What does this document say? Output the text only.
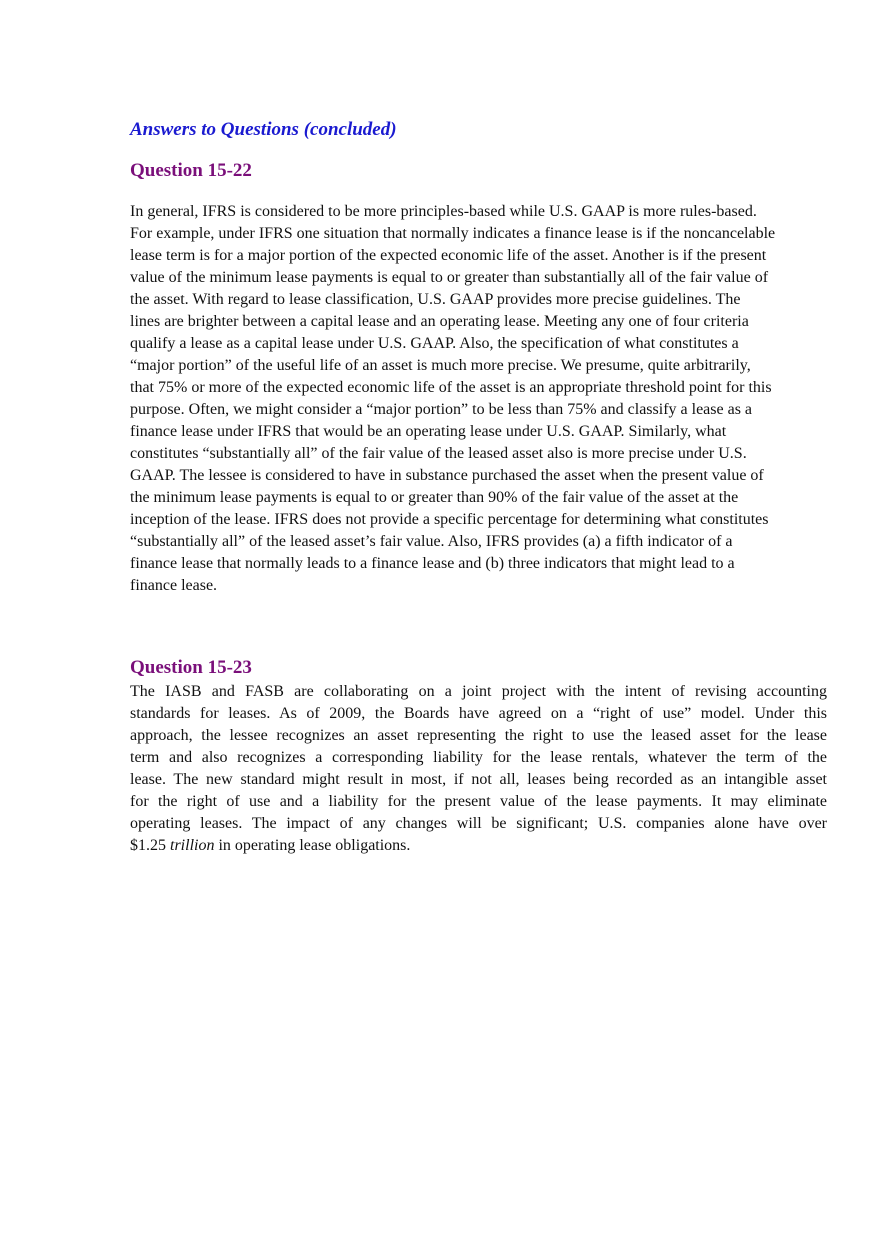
Answers to Questions (concluded)
Question 15-22
In general, IFRS is considered to be more principles-based while U.S. GAAP is more rules-based.
For example, under IFRS one situation that normally indicates a finance lease is if the noncancelable
lease term is for a major portion of the expected economic life of the asset. Another is if the present
value of the minimum lease payments is equal to or greater than substantially all of the fair value of
the asset. With regard to lease classification, U.S. GAAP provides more precise guidelines. The
lines are brighter between a capital lease and an operating lease. Meeting any one of four criteria
qualify a lease as a capital lease under U.S. GAAP. Also, the specification of what constitutes a
“major portion” of the useful life of an asset is much more precise. We presume, quite arbitrarily,
that 75% or more of the expected economic life of the asset is an appropriate threshold point for this
purpose. Often, we might consider a “major portion” to be less than 75% and classify a lease as a
finance lease under IFRS that would be an operating lease under U.S. GAAP. Similarly, what
constitutes “substantially all” of the fair value of the leased asset also is more precise under U.S.
GAAP. The lessee is considered to have in substance purchased the asset when the present value of
the minimum lease payments is equal to or greater than 90% of the fair value of the asset at the
inception of the lease. IFRS does not provide a specific percentage for determining what constitutes
“substantially all” of the leased asset’s fair value. Also, IFRS provides (a) a fifth indicator of a
finance lease that normally leads to a finance lease and (b) three indicators that might lead to a
finance lease.
Question 15-23
The IASB and FASB are collaborating on a joint project with the intent of revising accounting
standards for leases. As of 2009, the Boards have agreed on a “right of use” model. Under this
approach, the lessee recognizes an asset representing the right to use the leased asset for the lease
term and also recognizes a corresponding liability for the lease rentals, whatever the term of the
lease. The new standard might result in most, if not all, leases being recorded as an intangible asset
for the right of use and a liability for the present value of the lease payments. It may eliminate
operating leases. The impact of any changes will be significant; U.S. companies alone have over
$1.25 trillion in operating lease obligations.
